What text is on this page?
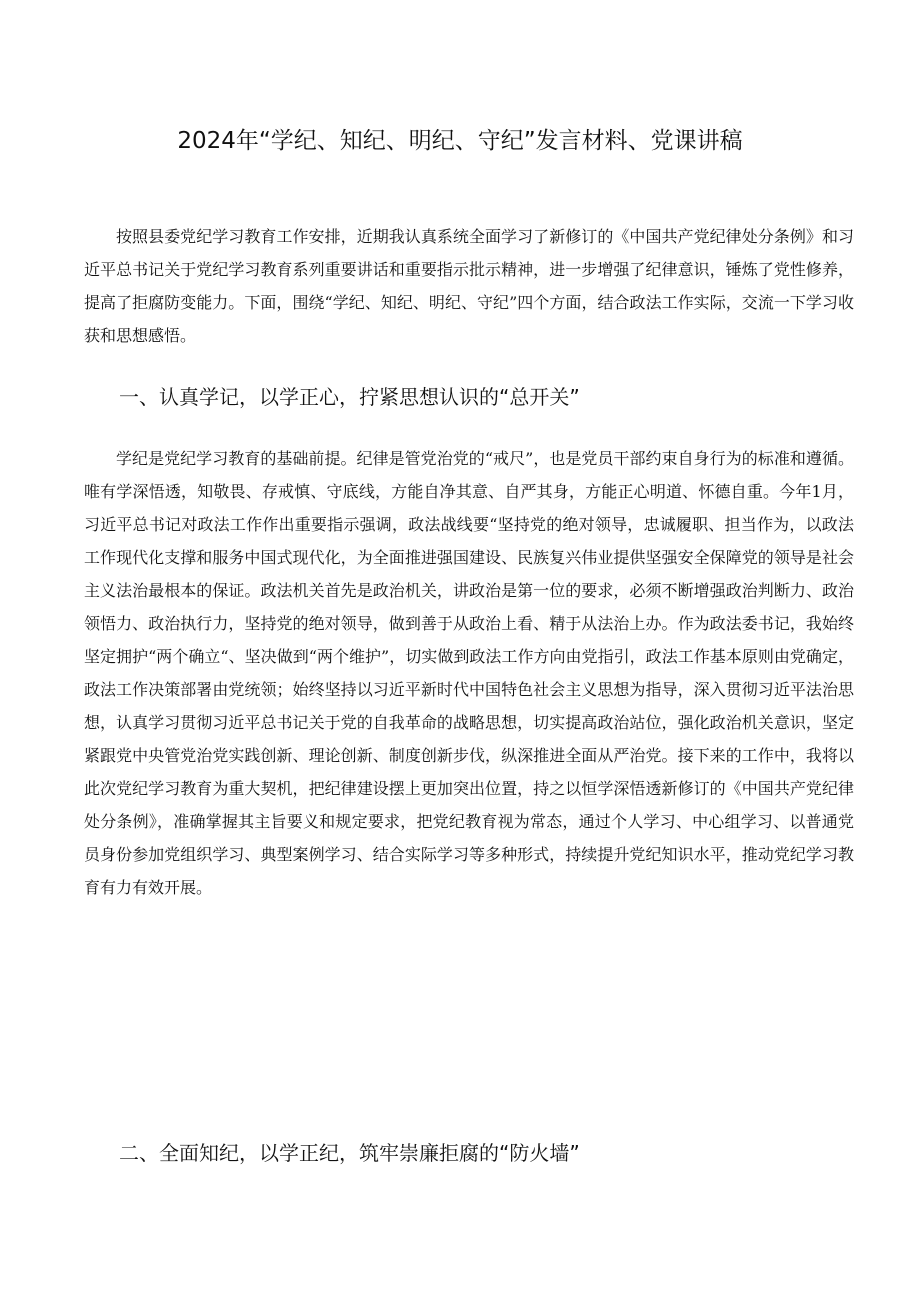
2024年“学纪、知纪、明纪、守纪”发言材料、党课讲稿

按照县委党纪学习教育工作安排，近期我认真系统全面学习了新修订的《中国共产党纪律处分条例》和习近平总书记关于党纪学习教育系列重要讲话和重要指示批示精神，进一步增强了纪律意识，锤炼了党性修养，提高了拒腐防变能力。下面，围绕“学纪、知纪、明纪、守纪”四个方面，结合政法工作实际，交流一下学习收获和思想感悟。

一、认真学记，以学正心，拧紧思想认识的“总开关”

学纪是党纪学习教育的基础前提。纪律是管党治党的“戒尺”，也是党员干部约束自身行为的标准和遵循。唯有学深悟透，知敬畏、存戒慎、守底线，方能自净其意、自严其身，方能正心明道、怀德自重。今年1月，习近平总书记对政法工作作出重要指示强调，政法战线要“坚持党的绝对领导，忠诚履职、担当作为，以政法工作现代化支撑和服务中国式现代化，为全面推进强国建设、民族复兴伟业提供坚强安全保障党的领导是社会主义法治最根本的保证。政法机关首先是政治机关，讲政治是第一位的要求，必须不断增强政治判断力、政治领悟力、政治执行力，坚持党的绝对领导，做到善于从政治上看、精于从法治上办。作为政法委书记，我始终坚定拥护“两个确立“、坚决做到“两个维护”，切实做到政法工作方向由党指引，政法工作基本原则由党确定，政法工作决策部署由党统领；始终坚持以习近平新时代中国特色社会主义思想为指导，深入贯彻习近平法治思想，认真学习贯彻习近平总书记关于党的自我革命的战略思想，切实提高政治站位，强化政治机关意识，坚定紧跟党中央管党治党实践创新、理论创新、制度创新步伐，纵深推进全面从严治党。接下来的工作中，我将以此次党纪学习教育为重大契机，把纪律建设摆上更加突出位置，持之以恒学深悟透新修订的《中国共产党纪律处分条例》，准确掌握其主旨要义和规定要求，把党纪教育视为常态，通过个人学习、中心组学习、以普通党员身份参加党组织学习、典型案例学习、结合实际学习等多种形式，持续提升党纪知识水平，推动党纪学习教育有力有效开展。

二、全面知纪，以学正纪，筑牢崇廉拒腐的“防火墙”
